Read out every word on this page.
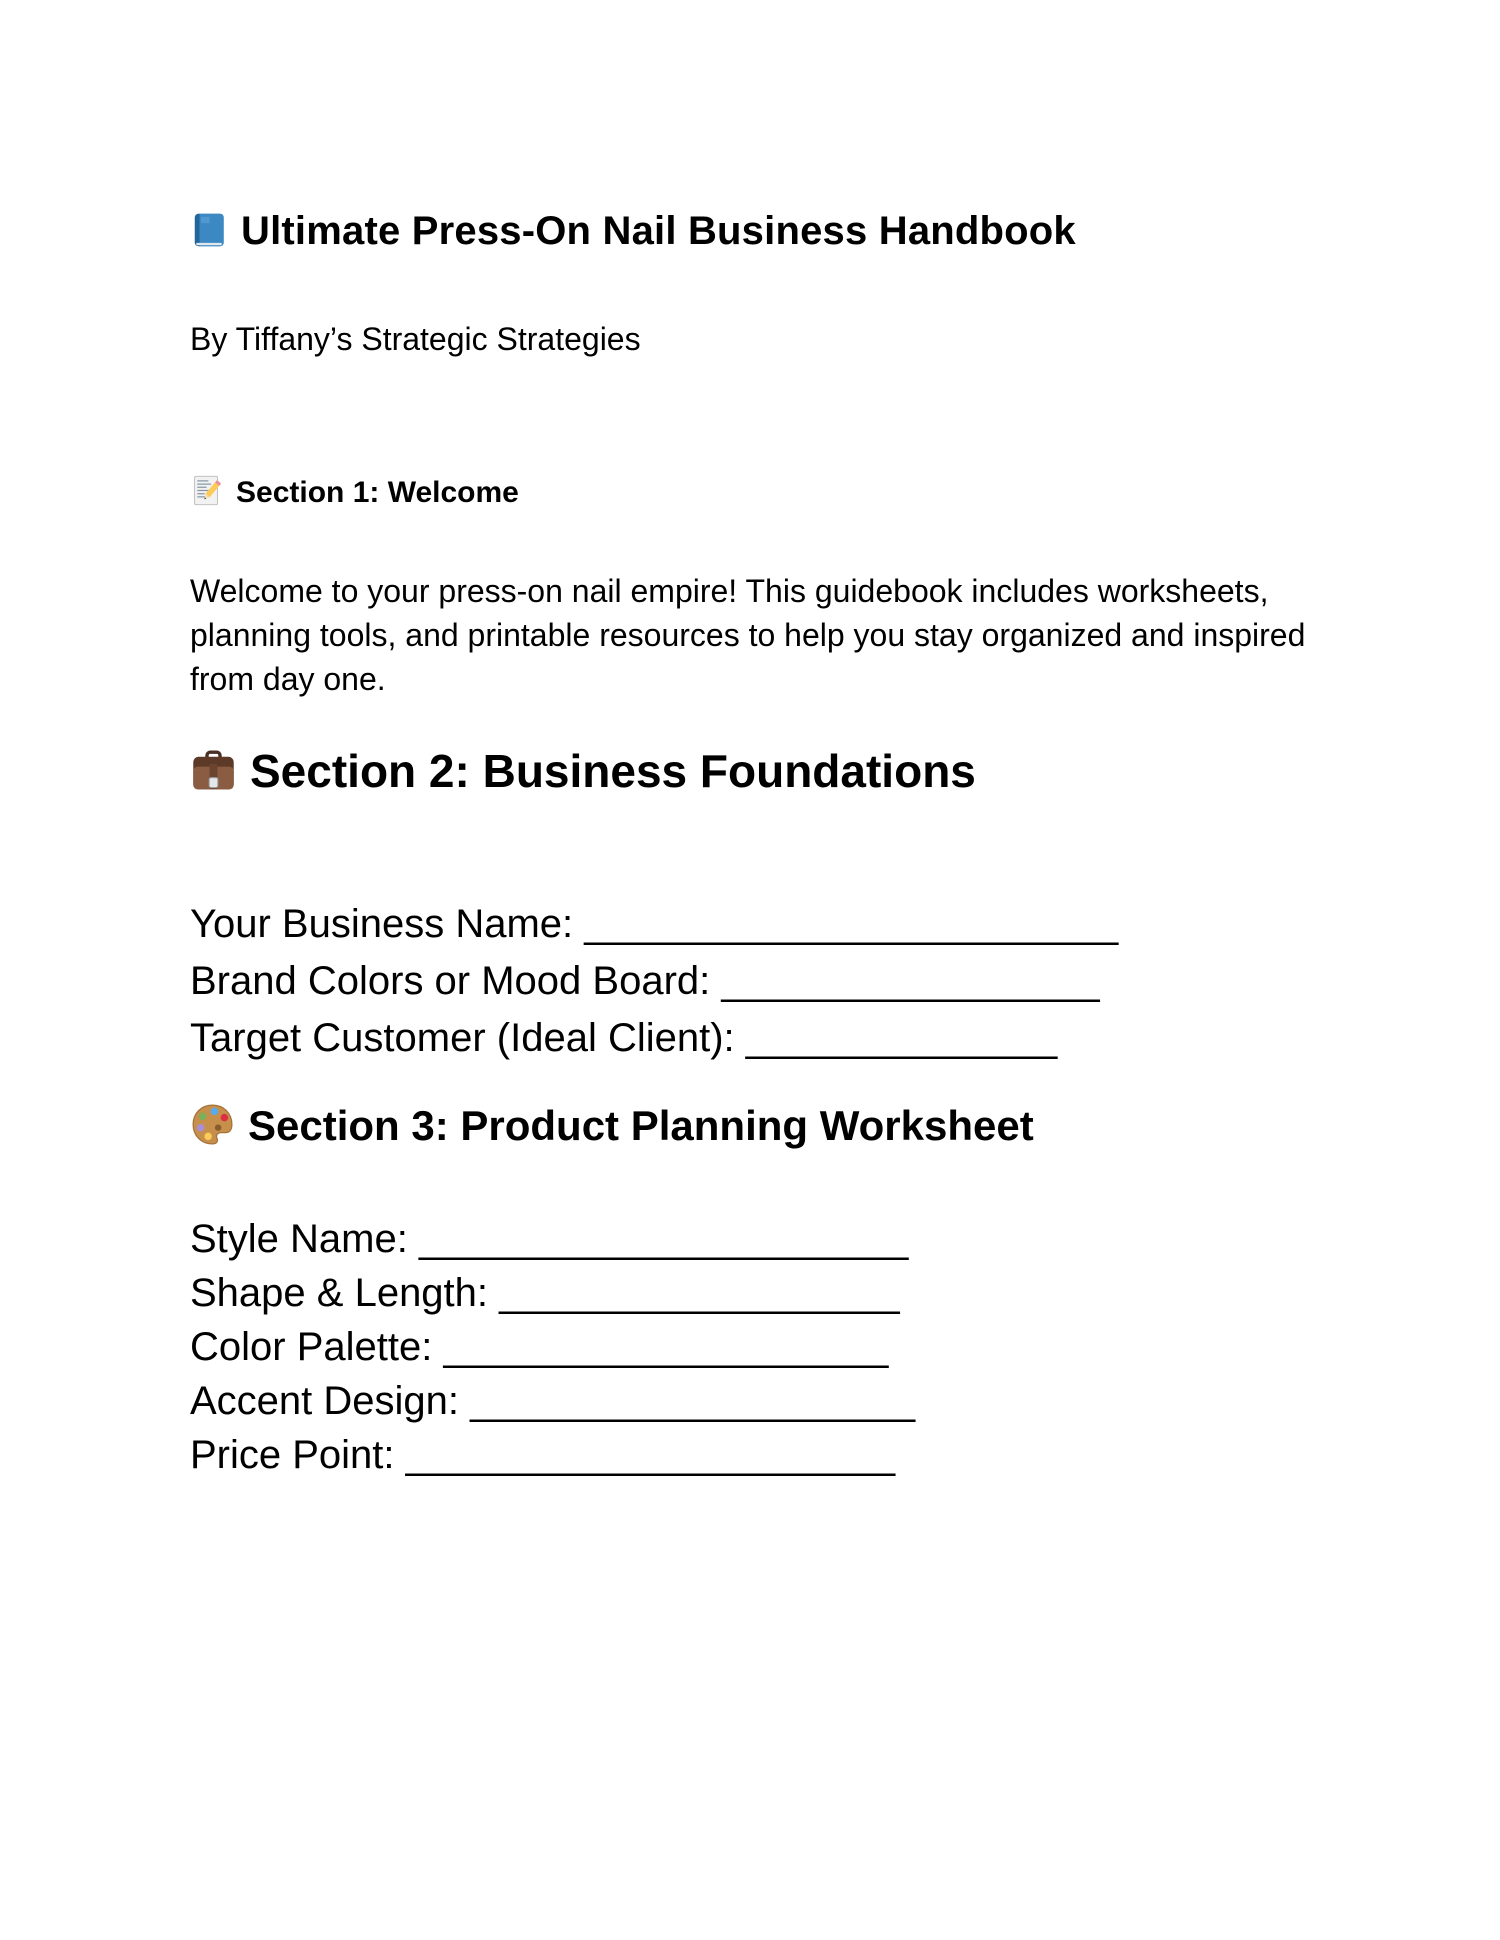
Ultimate Press-On Nail Business Handbook

By Tiffany’s Strategic Strategies

Section 1: Welcome

Welcome to your press-on nail empire! This guidebook includes worksheets, planning tools, and printable resources to help you stay organized and inspired from day one.

Section 2: Business Foundations
Your Business Name: ________________________
Brand Colors or Mood Board: _________________
Target Customer (Ideal Client): ______________
Section 3: Product Planning Worksheet
Style Name: ______________________
Shape & Length: __________________
Color Palette: ____________________
Accent Design: ____________________
Price Point: ______________________
